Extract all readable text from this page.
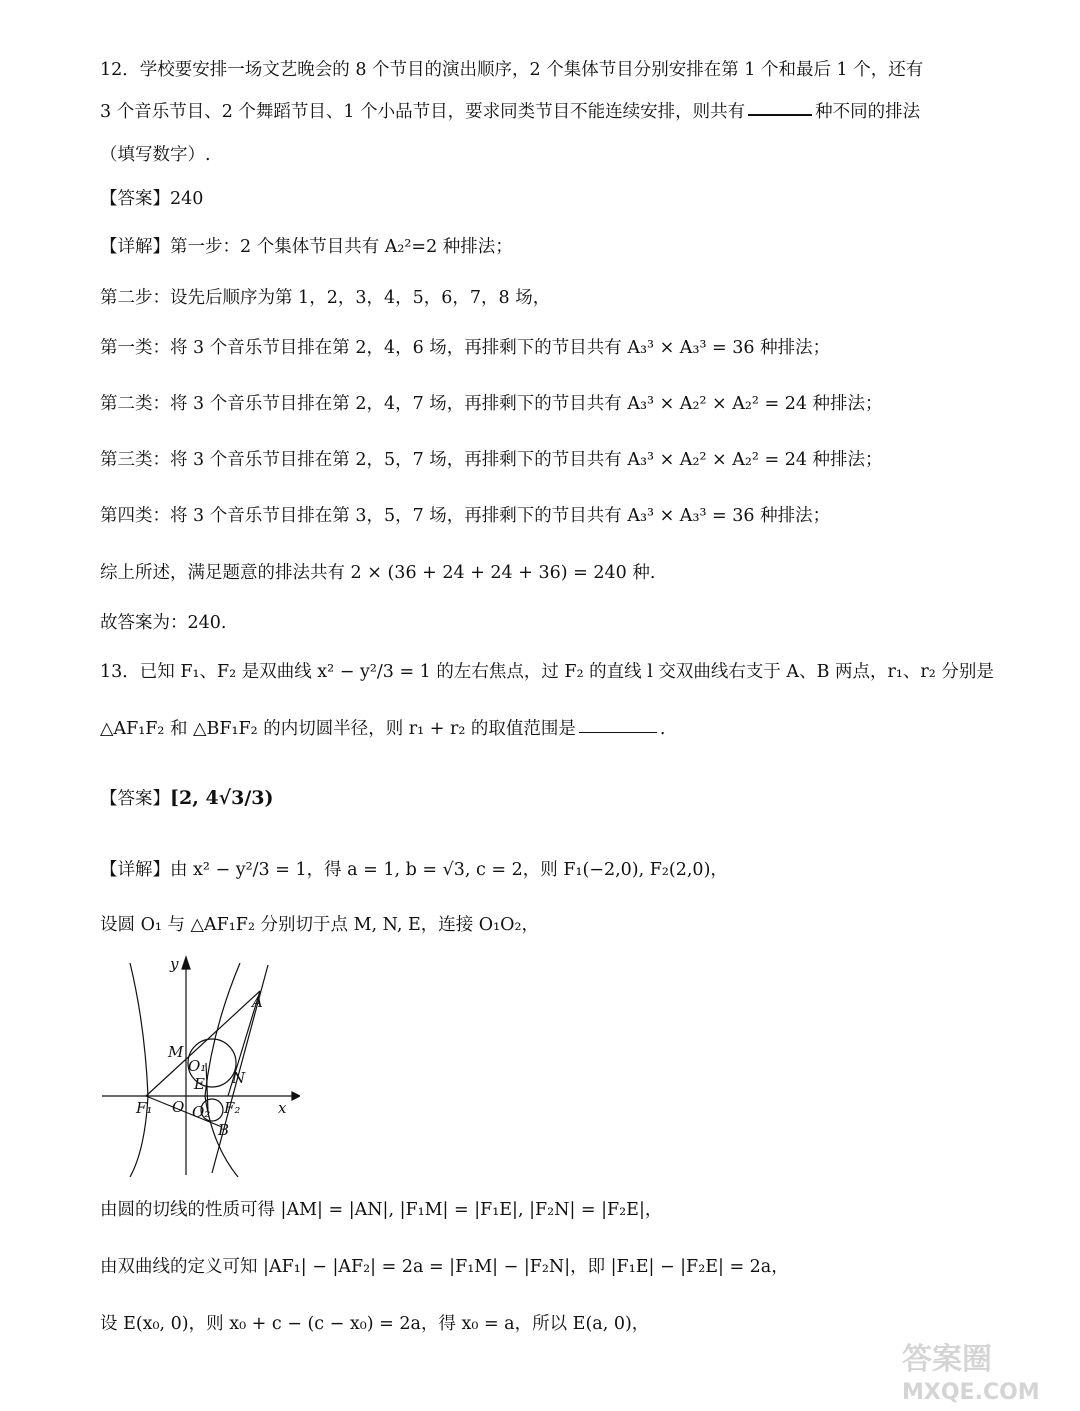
12．学校要安排一场文艺晚会的 8 个节目的演出顺序，2 个集体节目分别安排在第 1 个和最后 1 个，还有
3 个音乐节目、2 个舞蹈节目、1 个小品节目，要求同类节目不能连续安排，则共有	种不同的排法
（填写数字）.
【答案】240
【详解】第一步：2 个集体节目共有 A₂²=2 种排法；
第二步：设先后顺序为第 1，2，3，4，5，6，7，8 场，
第一类：将 3 个音乐节目排在第 2，4，6 场，再排剩下的节目共有 A₃³ × A₃³ = 36 种排法；
第二类：将 3 个音乐节目排在第 2，4，7 场，再排剩下的节目共有 A₃³ × A₂² × A₂² = 24 种排法；
第三类：将 3 个音乐节目排在第 2，5，7 场，再排剩下的节目共有 A₃³ × A₂² × A₂² = 24 种排法；
第四类：将 3 个音乐节目排在第 3，5，7 场，再排剩下的节目共有 A₃³ × A₃³ = 36 种排法；
综上所述，满足题意的排法共有 2 × (36 + 24 + 24 + 36) = 240 种.
故答案为：240.
13．已知 F₁、F₂ 是双曲线 x² − y²/3 = 1 的左右焦点，过 F₂ 的直线 l 交双曲线右支于 A、B 两点，r₁、r₂ 分别是
△AF₁F₂ 和 △BF₁F₂ 的内切圆半径，则 r₁ + r₂ 的取值范围是	.
【答案】[2, 4√3/3)
【详解】由 x² − y²/3 = 1，得 a = 1, b = √3, c = 2，则 F₁(−2,0), F₂(2,0)，
设圆 O₁ 与 △AF₁F₂ 分别切于点 M, N, E，连接 O₁O₂，
y
x
A
M
O₁
E N
F₁ O O₂ F₂
B
由圆的切线的性质可得 |AM| = |AN|, |F₁M| = |F₁E|, |F₂N| = |F₂E|，
由双曲线的定义可知 |AF₁| − |AF₂| = 2a = |F₁M| − |F₂N|，即 |F₁E| − |F₂E| = 2a，
设 E(x₀, 0)，则 x₀ + c − (c − x₀) = 2a，得 x₀ = a，所以 E(a, 0)，
答案圈
MXQE.COM
